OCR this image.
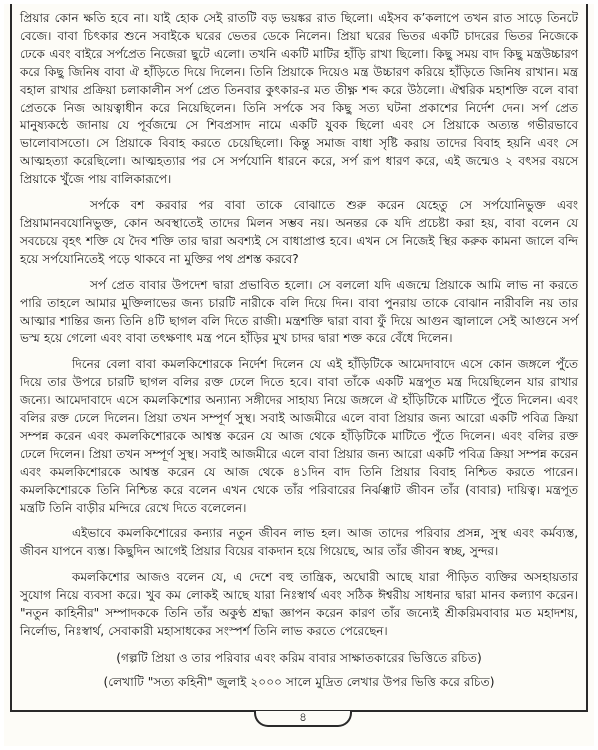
প্রিয়ার কোন ক্ষতি হবে না। যাই হোক সেই রাতটি বড় ভয়ঙ্কর রাত ছিলো। এইসব ক’কলাপে তখন রাত সাড়ে তিনটে বেজে। বাবা চিৎকার শুনে সবাইকে ঘরের ভেতর ডেকে নিলেন। প্রিয়া ঘরের ভিতর একটি চাদরের ভিতর নিজেকে ঢেকে এবং বাইরে সর্পপ্রেত নিজেরা ছুটে এলো। তখনি একটি মাটির হাঁড়ি রাখা ছিলো। কিছু সময় বাদ কিছু মন্ত্রউচ্চারণ করে কিছু জিনিষ বাবা ঐ হাঁড়িতে দিয়ে দিলেন। তিনি প্রিয়াকে দিয়েও মন্ত্র উচ্চারণ করিয়ে হাঁড়িতে জিনিষ রাখান। মন্ত্র বহাল রাখার প্রক্রিয়া চলাকালীন সর্প প্রেত তিনবার কুৎকার-র মত তীক্ষ্ণ শব্দ করে উঠলো। ঐশ্বরিক মহাশক্তি বলে বাবা প্রেতকে নিজ আয়ত্বাধীন করে নিয়েছিলেন। তিনি সর্পকে সব কিছু সত্য ঘটনা প্রকাশের নির্দেশ দেন। সর্প প্রেত মানুষ্যকন্ঠে জানায় যে পূর্বজন্মে সে শিবপ্রসাদ নামে একটি যুবক ছিলো এবং সে প্রিয়াকে অত্যন্ত গভীরভাবে ভালোবাসতো। সে প্রিয়াকে বিবাহ করতে চেয়েছিলো। কিন্তু সমাজ বাধা সৃষ্টি করায় তাদের বিবাহ হয়নি এবং সে আত্মহত্যা করেছিলো। আত্মহত্যার পর সে সর্পযোনি ধারনে করে, সর্প রূপ ধারণ করে, এই জন্মেও ২ বৎসর বয়সে প্রিয়াকে খুঁজে পায় বালিকারূপে।

সর্পকে বশ করবার পর বাবা তাকে বোঝাতে শুরু করেন যেহেতু সে সর্পযোনিভুক্ত এবং প্রিয়ামানবযোনিভুক্ত, কোন অবস্থাতেই তাদের মিলন সম্ভব নয়। অনন্তর কে যদি প্রচেষ্টা করা হয়, বাবা বলেন যে সবচেয়ে বৃহৎ শক্তি যে দৈব শক্তি তার দ্বারা অবশ্যই সে বাধাপ্রাপ্ত হবে। এখন সে নিজেই স্থির করুক কামনা জালে বন্দি হয়ে সর্পযোনিতেই পড়ে থাকবে না মুক্তির পথ প্রশস্ত করবে?

সর্প প্রেত বাবার উপদেশ দ্বারা প্রভাবিত হলো। সে বললো যদি এজন্মে প্রিয়াকে আমি লাভ না করতে পারি তাহলে আমার মুক্তিলাভের জন্য চারটি নারীকে বলি দিয়ে দিন। বাবা পুনরায় তাকে বোঝান নারীবলি নয় তার আত্মার শান্তির জন্য তিনি ৪টি ছাগল বলি দিতে রাজী। মন্ত্রশক্তি দ্বারা বাবা ফুঁ দিয়ে আগুন জ্বালালে সেই আগুনে সর্প ভস্ম হয়ে গেলো এবং বাবা তৎক্ষণাৎ মন্ত্র পনে হাঁড়ির মুখ চাদর দ্বারা শক্ত করে বেঁধে দিলেন।

দিনের বেলা বাবা কমলকিশোরকে নির্দেশ দিলেন যে এই হাঁড়িটিকে আমেদাবাদে এসে কোন জঙ্গলে পুঁতে দিয়ে তার উপরে চারটি ছাগল বলির রক্ত ঢেলে দিতে হবে। বাবা তাঁকে একটি মন্ত্রপূত মন্ত্র দিয়েছিলেন যার রাখার জন্যে। আমেদাবাদে এসে কমলকিশোর অন্যান্য সঙ্গীদের সাহায্য নিয়ে জঙ্গলে ঐ হাঁড়িটিকে মাটিতে পুঁতে দিলেন। এবং বলির রক্ত ঢেলে দিলেন। প্রিয়া তখন সম্পূর্ণ সুস্থ। সবাই আজমীরে এলে বাবা প্রিয়ার জন্য আরো একটি পবিত্র ক্রিয়া সম্পন্ন করেন এবং কমলকিশোরকে আশ্বস্ত করেন যে আজ থেকে হাঁড়িটিকে মাটিতে পুঁতে দিলেন। এবং বলির রক্ত ঢেলে দিলেন। প্রিয়া তখন সম্পূর্ণ সুস্থ। সবাই আজমীরে এলে বাবা প্রিয়ার জন্য আরো একটি পবিত্র ক্রিয়া সম্পন্ন করেন এবং কমলকিশোরকে আশ্বস্ত করেন যে আজ থেকে ৪১দিন বাদ তিনি প্রিয়ার বিবাহ নিশ্চিত করতে পারেন। কমলকিশোরকে তিনি নিশ্চিন্ত করে বলেন এখন থেকে তাঁর পরিবারের নির্ঝঞ্ঝাট জীবন তাঁর (বাবার) দায়িত্ব। মন্ত্রপূত মন্ত্রটি তিনি বাড়ীর মন্দিরে রেখে দিতে বলেলেন।

এইভাবে কমলকিশোরের কন্যার নতুন জীবন লাভ হল। আজ তাদের পরিবার প্রসন্ন, সুস্থ এবং কর্মব্যস্ত, জীবন যাপনে ব্যস্ত। কিছুদিন আগেই প্রিয়ার বিয়ের বাকদান হয়ে গিয়েছে, আর তাঁর জীবন স্বচ্ছ, সুন্দর।

কমলকিশোর আজও বলেন যে, এ দেশে বহু তান্ত্রিক, অঘোরী আছে যারা পীড়িত ব্যক্তির অসহায়তার সুযোগ নিয়ে ব্যবসা করে। খুব কম লোকই আছে যারা নিঃস্বার্থ এবং সঠিক ঈশ্বরীয় সাধনার দ্বারা মানব কল্যাণ করেন। "নতুন কাহিনীর" সম্পাদককে তিনি তাঁর অকুণ্ঠ শ্রদ্ধা জ্ঞাপন করেন কারণ তাঁর জন্যেই শ্রীকরিমবাবার মত মহাদশয়, নির্লোভ, নিঃস্বার্থ, সেবাকারী মহাসাধকের সংস্পর্শ তিনি লাভ করতে পেরেছেন।

(গল্পটি প্রিয়া ও তার পরিবার এবং করিম বাবার সাক্ষাতকারের ভিত্তিতে রচিত)

(লেখাটি "সত্য কহিনী" জুলাই ২০০০ সালে মুদ্রিত লেখার উপর ভিত্তি করে রচিত)

৪
